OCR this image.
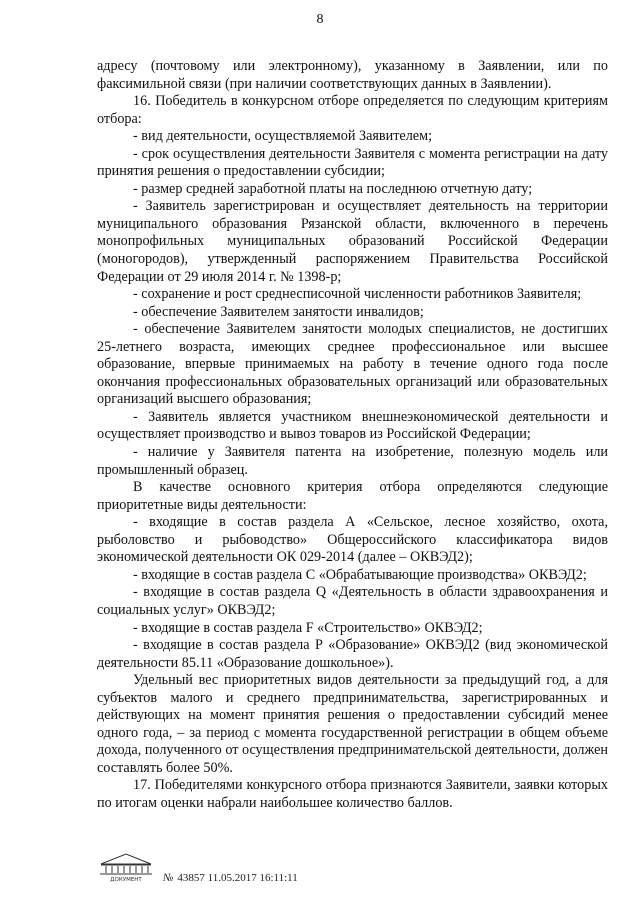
8

адресу (почтовому или электронному), указанному в Заявлении, или по факсимильной связи (при наличии соответствующих данных в Заявлении).

16. Победитель в конкурсном отборе определяется по следующим критериям отбора:

- вид деятельности, осуществляемой Заявителем;

- срок осуществления деятельности Заявителя с момента регистрации на дату принятия решения о предоставлении субсидии;

- размер средней заработной платы на последнюю отчетную дату;

- Заявитель зарегистрирован и осуществляет деятельность на территории муниципального образования Рязанской области, включенного в перечень монопрофильных муниципальных образований Российской Федерации (моногородов), утвержденный распоряжением Правительства Российской Федерации от 29 июля 2014 г. № 1398-р;

- сохранение и рост среднесписочной численности работников Заявителя;

- обеспечение Заявителем занятости инвалидов;

- обеспечение Заявителем занятости молодых специалистов, не достигших 25-летнего возраста, имеющих среднее профессиональное или высшее образование, впервые принимаемых на работу в течение одного года после окончания профессиональных образовательных организаций или образовательных организаций высшего образования;

- Заявитель является участником внешнеэкономической деятельности и осуществляет производство и вывоз товаров из Российской Федерации;

- наличие у Заявителя патента на изобретение, полезную модель или промышленный образец.

В качестве основного критерия отбора определяются следующие приоритетные виды деятельности:

- входящие в состав раздела А «Сельское, лесное хозяйство, охота, рыболовство и рыбоводство» Общероссийского классификатора видов экономической деятельности ОК 029-2014 (далее – ОКВЭД2);

- входящие в состав раздела С «Обрабатывающие производства» ОКВЭД2;

- входящие в состав раздела Q «Деятельность в области здравоохранения и социальных услуг» ОКВЭД2;

- входящие в состав раздела F «Строительство» ОКВЭД2;

- входящие в состав раздела Р «Образование» ОКВЭД2 (вид экономической деятельности 85.11 «Образование дошкольное»).

Удельный вес приоритетных видов деятельности за предыдущий год, а для субъектов малого и среднего предпринимательства, зарегистрированных и действующих на момент принятия решения о предоставлении субсидий менее одного года, – за период с момента государственной регистрации в общем объеме дохода, полученного от осуществления предпринимательской деятельности, должен составлять более 50%.

17. Победителями конкурсного отбора признаются Заявители, заявки которых по итогам оценки набрали наибольшее количество баллов.

ДОКУМЕНТ № 43857 11.05.2017 16:11:11
